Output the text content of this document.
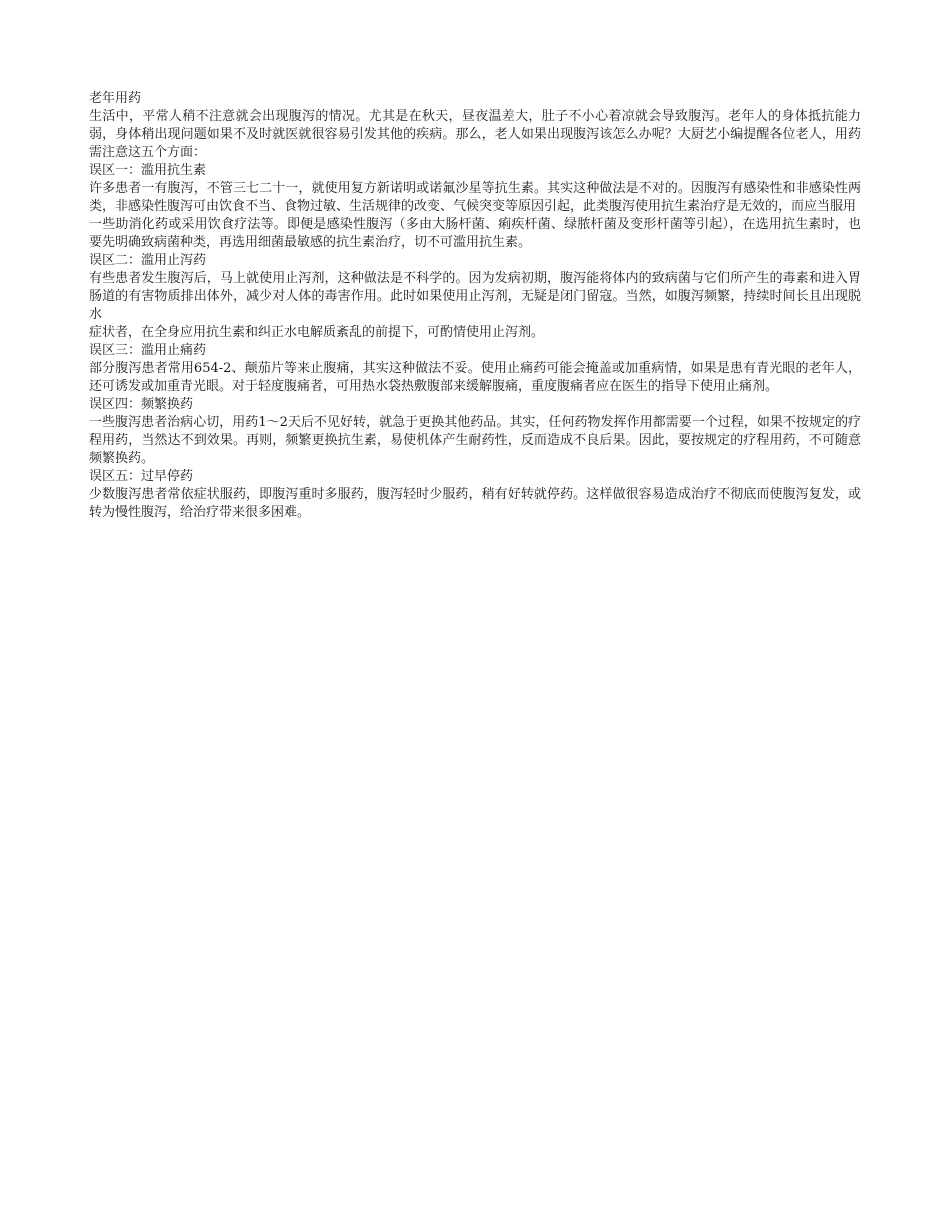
老年用药

生活中，平常人稍不注意就会出现腹泻的情况。尤其是在秋天，昼夜温差大，肚子不小心着凉就会导致腹泻。老年人的身体抵抗能力弱，身体稍出现问题如果不及时就医就很容易引发其他的疾病。那么，老人如果出现腹泻该怎么办呢？大厨艺小编提醒各位老人，用药需注意这五个方面：

误区一：滥用抗生素

许多患者一有腹泻，不管三七二十一，就使用复方新诺明或诺氟沙星等抗生素。其实这种做法是不对的。因腹泻有感染性和非感染性两类，非感染性腹泻可由饮食不当、食物过敏、生活规律的改变、气候突变等原因引起，此类腹泻使用抗生素治疗是无效的，而应当服用

一些助消化药或采用饮食疗法等。即便是感染性腹泻（多由大肠杆菌、痢疾杆菌、绿脓杆菌及变形杆菌等引起），在选用抗生素时，也要先明确致病菌种类，再选用细菌最敏感的抗生素治疗，切不可滥用抗生素。

误区二：滥用止泻药

有些患者发生腹泻后，马上就使用止泻剂，这种做法是不科学的。因为发病初期，腹泻能将体内的致病菌与它们所产生的毒素和进入胃肠道的有害物质排出体外，减少对人体的毒害作用。此时如果使用止泻剂，无疑是闭门留寇。当然，如腹泻频繁，持续时间长且出现脱水

症状者，在全身应用抗生素和纠正水电解质紊乱的前提下，可酌情使用止泻剂。

误区三：滥用止痛药

部分腹泻患者常用654-2、颠茄片等来止腹痛，其实这种做法不妥。使用止痛药可能会掩盖或加重病情，如果是患有青光眼的老年人，还可诱发或加重青光眼。对于轻度腹痛者，可用热水袋热敷腹部来缓解腹痛，重度腹痛者应在医生的指导下使用止痛剂。

误区四：频繁换药

一些腹泻患者治病心切，用药1～2天后不见好转，就急于更换其他药品。其实，任何药物发挥作用都需要一个过程，如果不按规定的疗程用药，当然达不到效果。再则，频繁更换抗生素，易使机体产生耐药性，反而造成不良后果。因此，要按规定的疗程用药，不可随意频繁换药。

误区五：过早停药

少数腹泻患者常依症状服药，即腹泻重时多服药，腹泻轻时少服药，稍有好转就停药。这样做很容易造成治疗不彻底而使腹泻复发，或转为慢性腹泻，给治疗带来很多困难。
